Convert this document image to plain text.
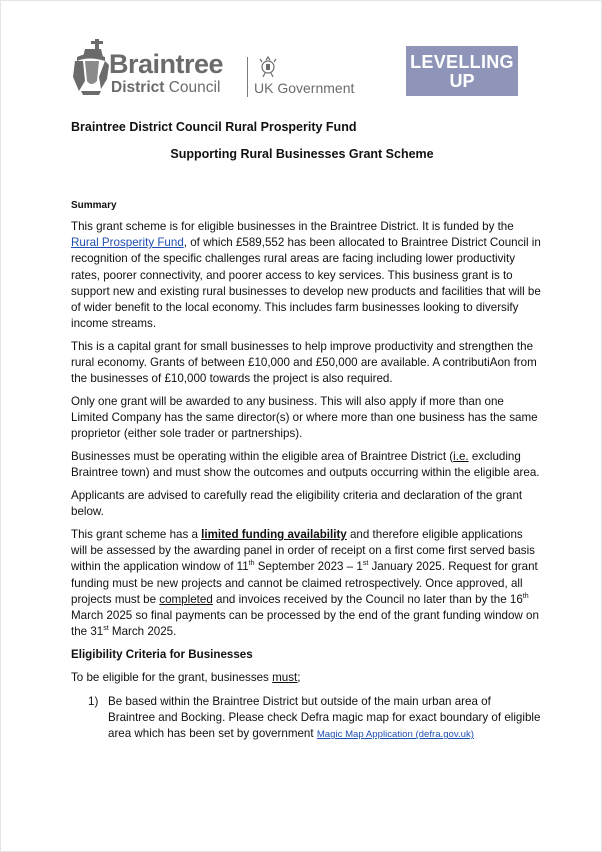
Braintree
District Council UK Government
LEVELLING
UP
Braintree District Council Rural Prosperity Fund
Supporting Rural Businesses Grant Scheme
Summary

This grant scheme is for eligible businesses in the Braintree District. It is funded by the Rural Prosperity Fund, of which £589,552 has been allocated to Braintree District Council in recognition of the specific challenges rural areas are facing including lower productivity rates, poorer connectivity, and poorer access to key services. This business grant is to support new and existing rural businesses to develop new products and facilities that will be of wider benefit to the local economy. This includes farm businesses looking to diversify income streams.

This is a capital grant for small businesses to help improve productivity and strengthen the rural economy. Grants of between £10,000 and £50,000 are available. A contributiAon from the businesses of £10,000 towards the project is also required.

Only one grant will be awarded to any business. This will also apply if more than one Limited Company has the same director(s) or where more than one business has the same proprietor (either sole trader or partnerships).

Businesses must be operating within the eligible area of Braintree District (i.e. excluding Braintree town) and must show the outcomes and outputs occurring within the eligible area.

Applicants are advised to carefully read the eligibility criteria and declaration of the grant below.

This grant scheme has a limited funding availability and therefore eligible applications will be assessed by the awarding panel in order of receipt on a first come first served basis within the application window of 11th September 2023 – 1st January 2025. Request for grant funding must be new projects and cannot be claimed retrospectively. Once approved, all projects must be completed and invoices received by the Council no later than by the 16th March 2025 so final payments can be processed by the end of the grant funding window on the 31st March 2025.

Eligibility Criteria for Businesses

To be eligible for the grant, businesses must;

1) Be based within the Braintree District but outside of the main urban area of Braintree and Bocking. Please check Defra magic map for exact boundary of eligible area which has been set by government Magic Map Application (defra.gov.uk)
